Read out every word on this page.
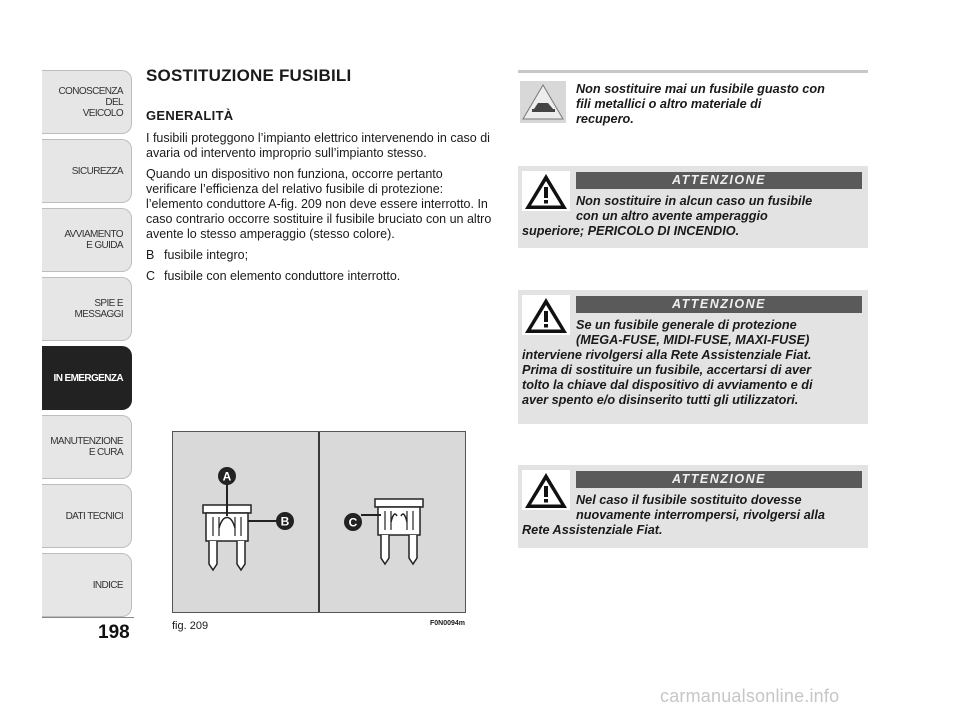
CONOSCENZA
DEL
VEICOLO
SICUREZZA
AVVIAMENTO
E GUIDA
SPIE E
MESSAGGI
IN EMERGENZA
MANUTENZIONE
E CURA
DATI TECNICI
INDICE
198
SOSTITUZIONE FUSIBILI
GENERALITÀ

I fusibili proteggono l’impianto elettrico intervenendo in caso di avaria od intervento improprio sull’impianto stesso.

Quando un dispositivo non funziona, occorre pertanto verificare l’efficienza del relativo fusibile di protezione: l’elemento conduttore A-fig. 209 non deve essere interrotto. In caso contrario occorre sostituire il fusibile bruciato con un altro avente lo stesso amperaggio (stesso colore).

B fusibile integro;
C fusibile con elemento conduttore interrotto.
A
B	C
fig. 209	F0N0094m
Non sostituire mai un fusibile guasto con
fili metallici o altro materiale di
recupero.
ATTENZIONE
Non sostituire in alcun caso un fusibile
con un altro avente amperaggio
superiore; PERICOLO DI INCENDIO.
ATTENZIONE
Se un fusibile generale di protezione
(MEGA-FUSE, MIDI-FUSE, MAXI-FUSE)
interviene rivolgersi alla Rete Assistenziale Fiat.
Prima di sostituire un fusibile, accertarsi di aver
tolto la chiave dal dispositivo di avviamento e di
aver spento e/o disinserito tutti gli utilizzatori.
ATTENZIONE
Nel caso il fusibile sostituito dovesse
nuovamente interrompersi, rivolgersi alla
Rete Assistenziale Fiat.
carmanualsonline.info
